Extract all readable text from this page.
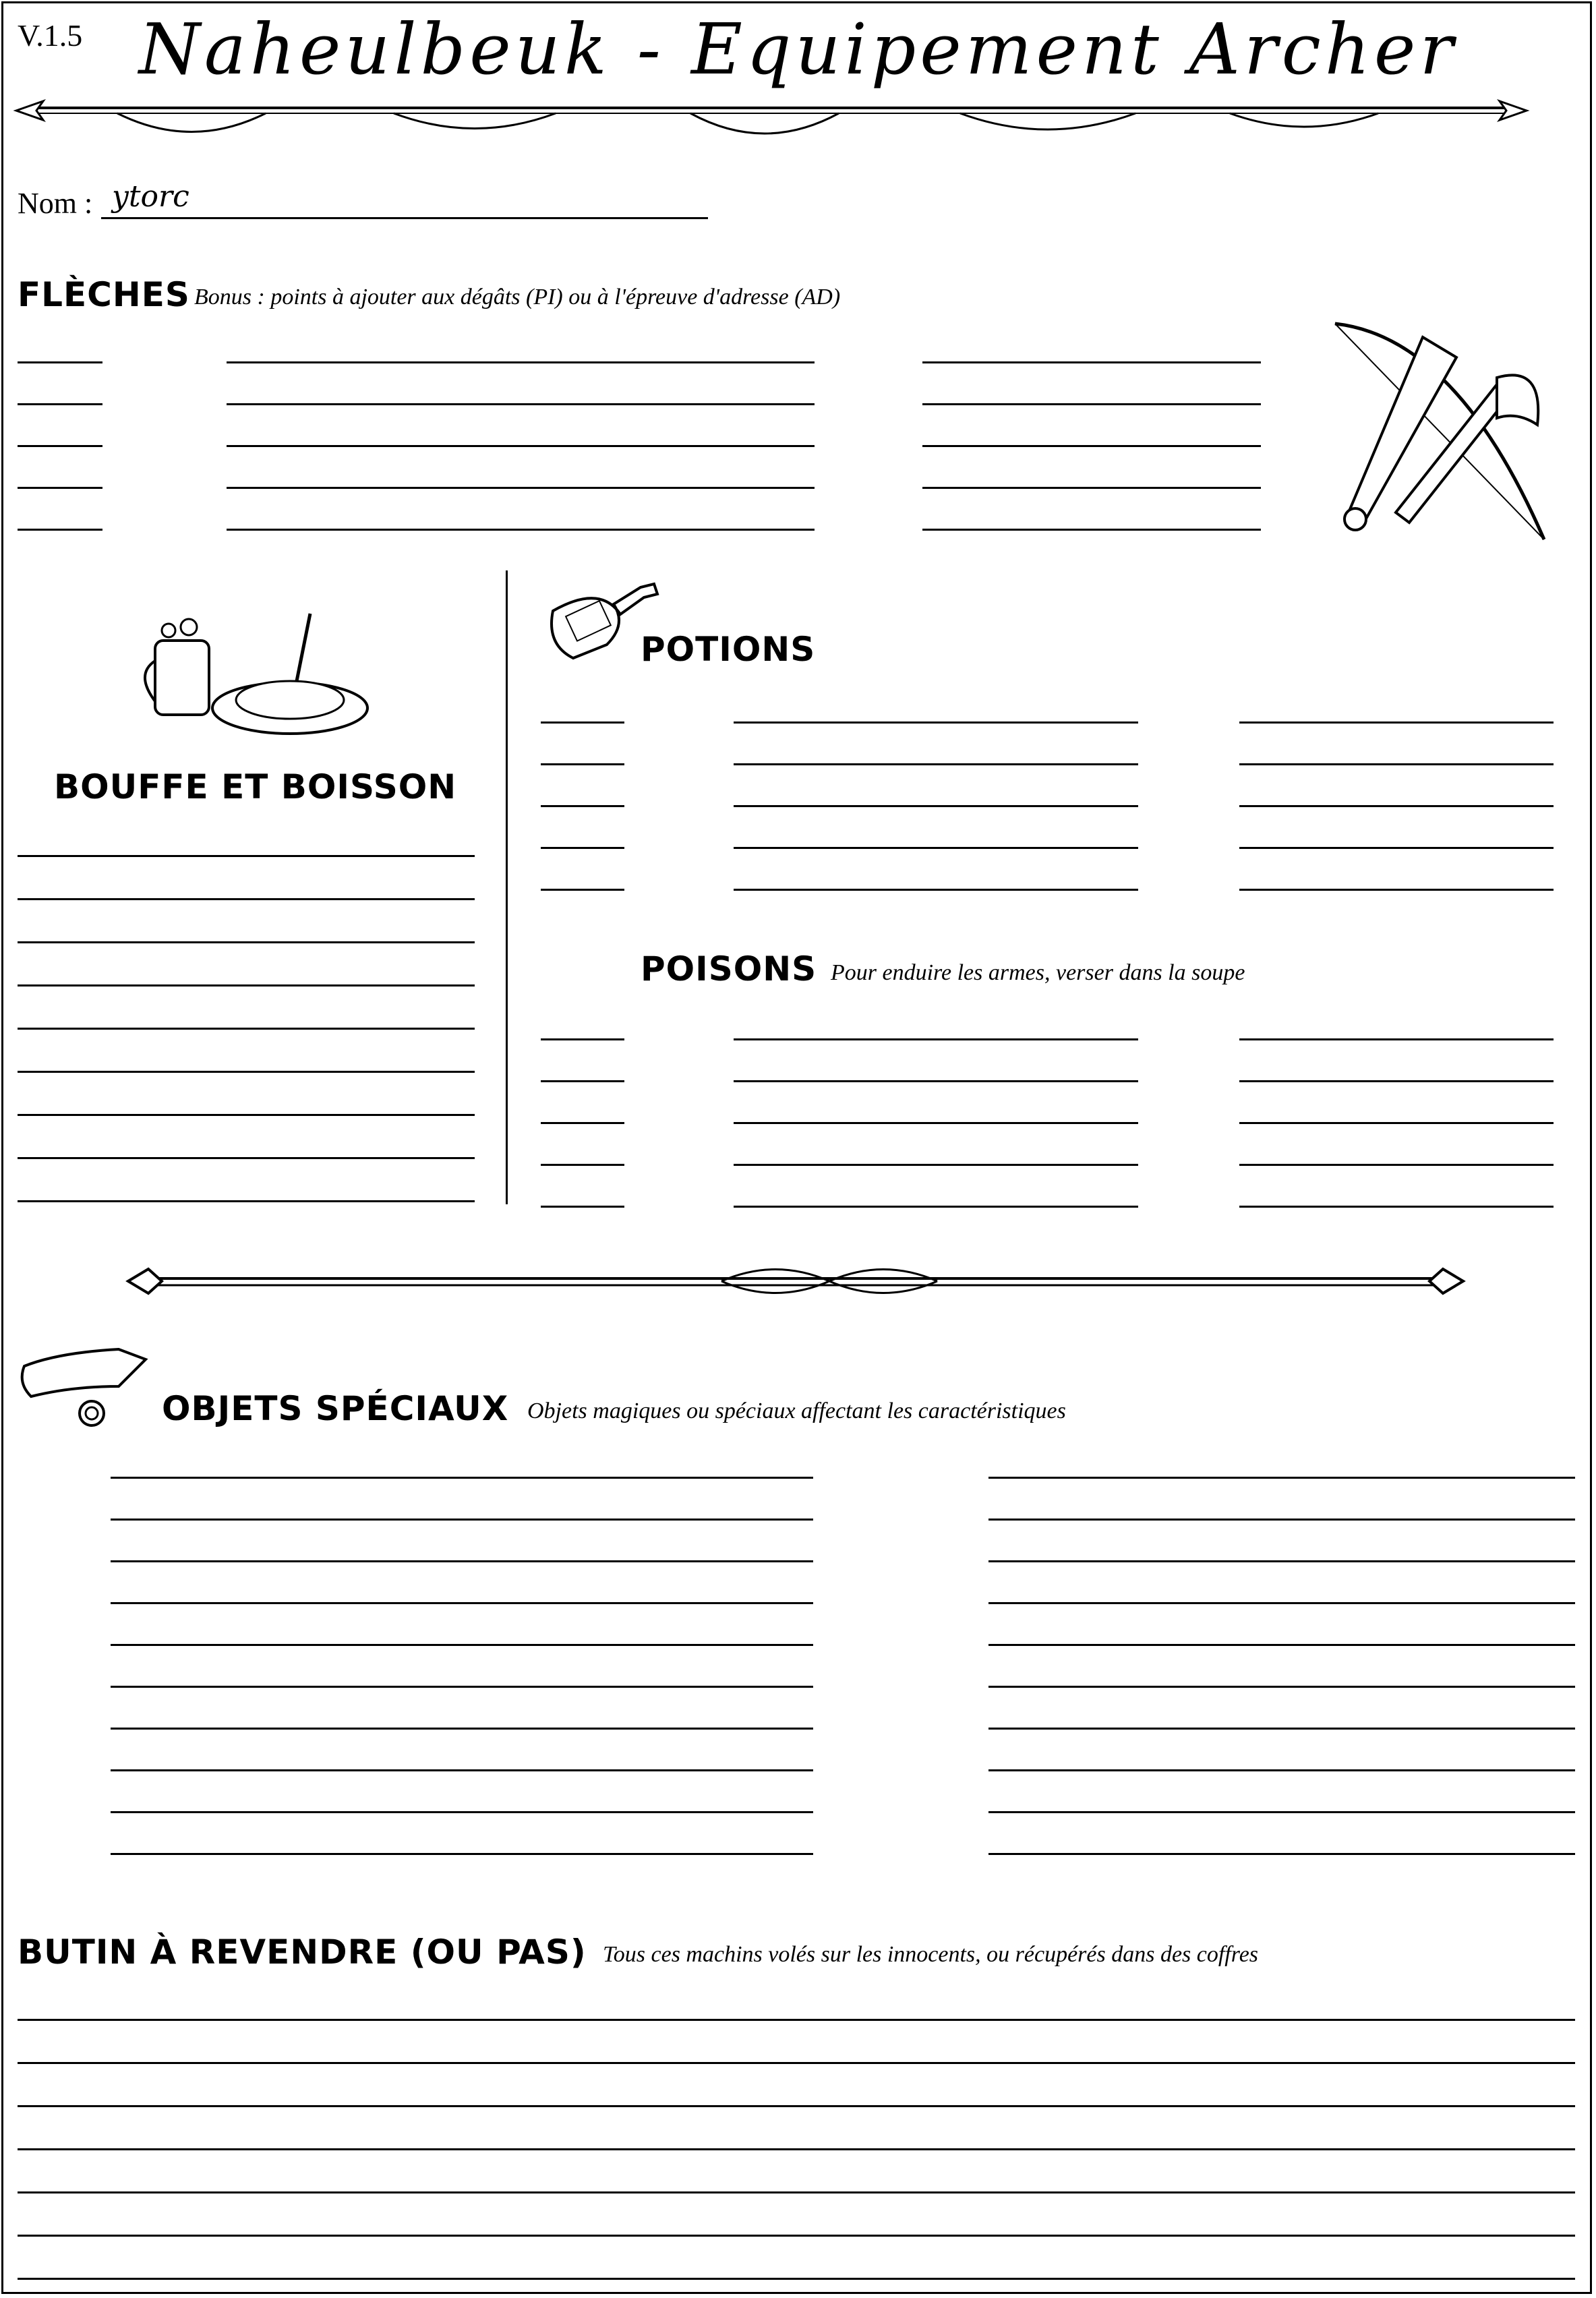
V.1.5 Naheulbeuk - Equipement Archer
Nom : ytorc
FLÈCHES Bonus : points à ajouter aux dégâts (PI) ou à l'épreuve d'adresse (AD)
BOUFFE ET BOISSON
POTIONS
POISONS Pour enduire les armes, verser dans la soupe
OBJETS SPÉCIAUX Objets magiques ou spéciaux affectant les caractéristiques
BUTIN À REVENDRE (OU PAS) Tous ces machins volés sur les innocents, ou récupérés dans des coffres
